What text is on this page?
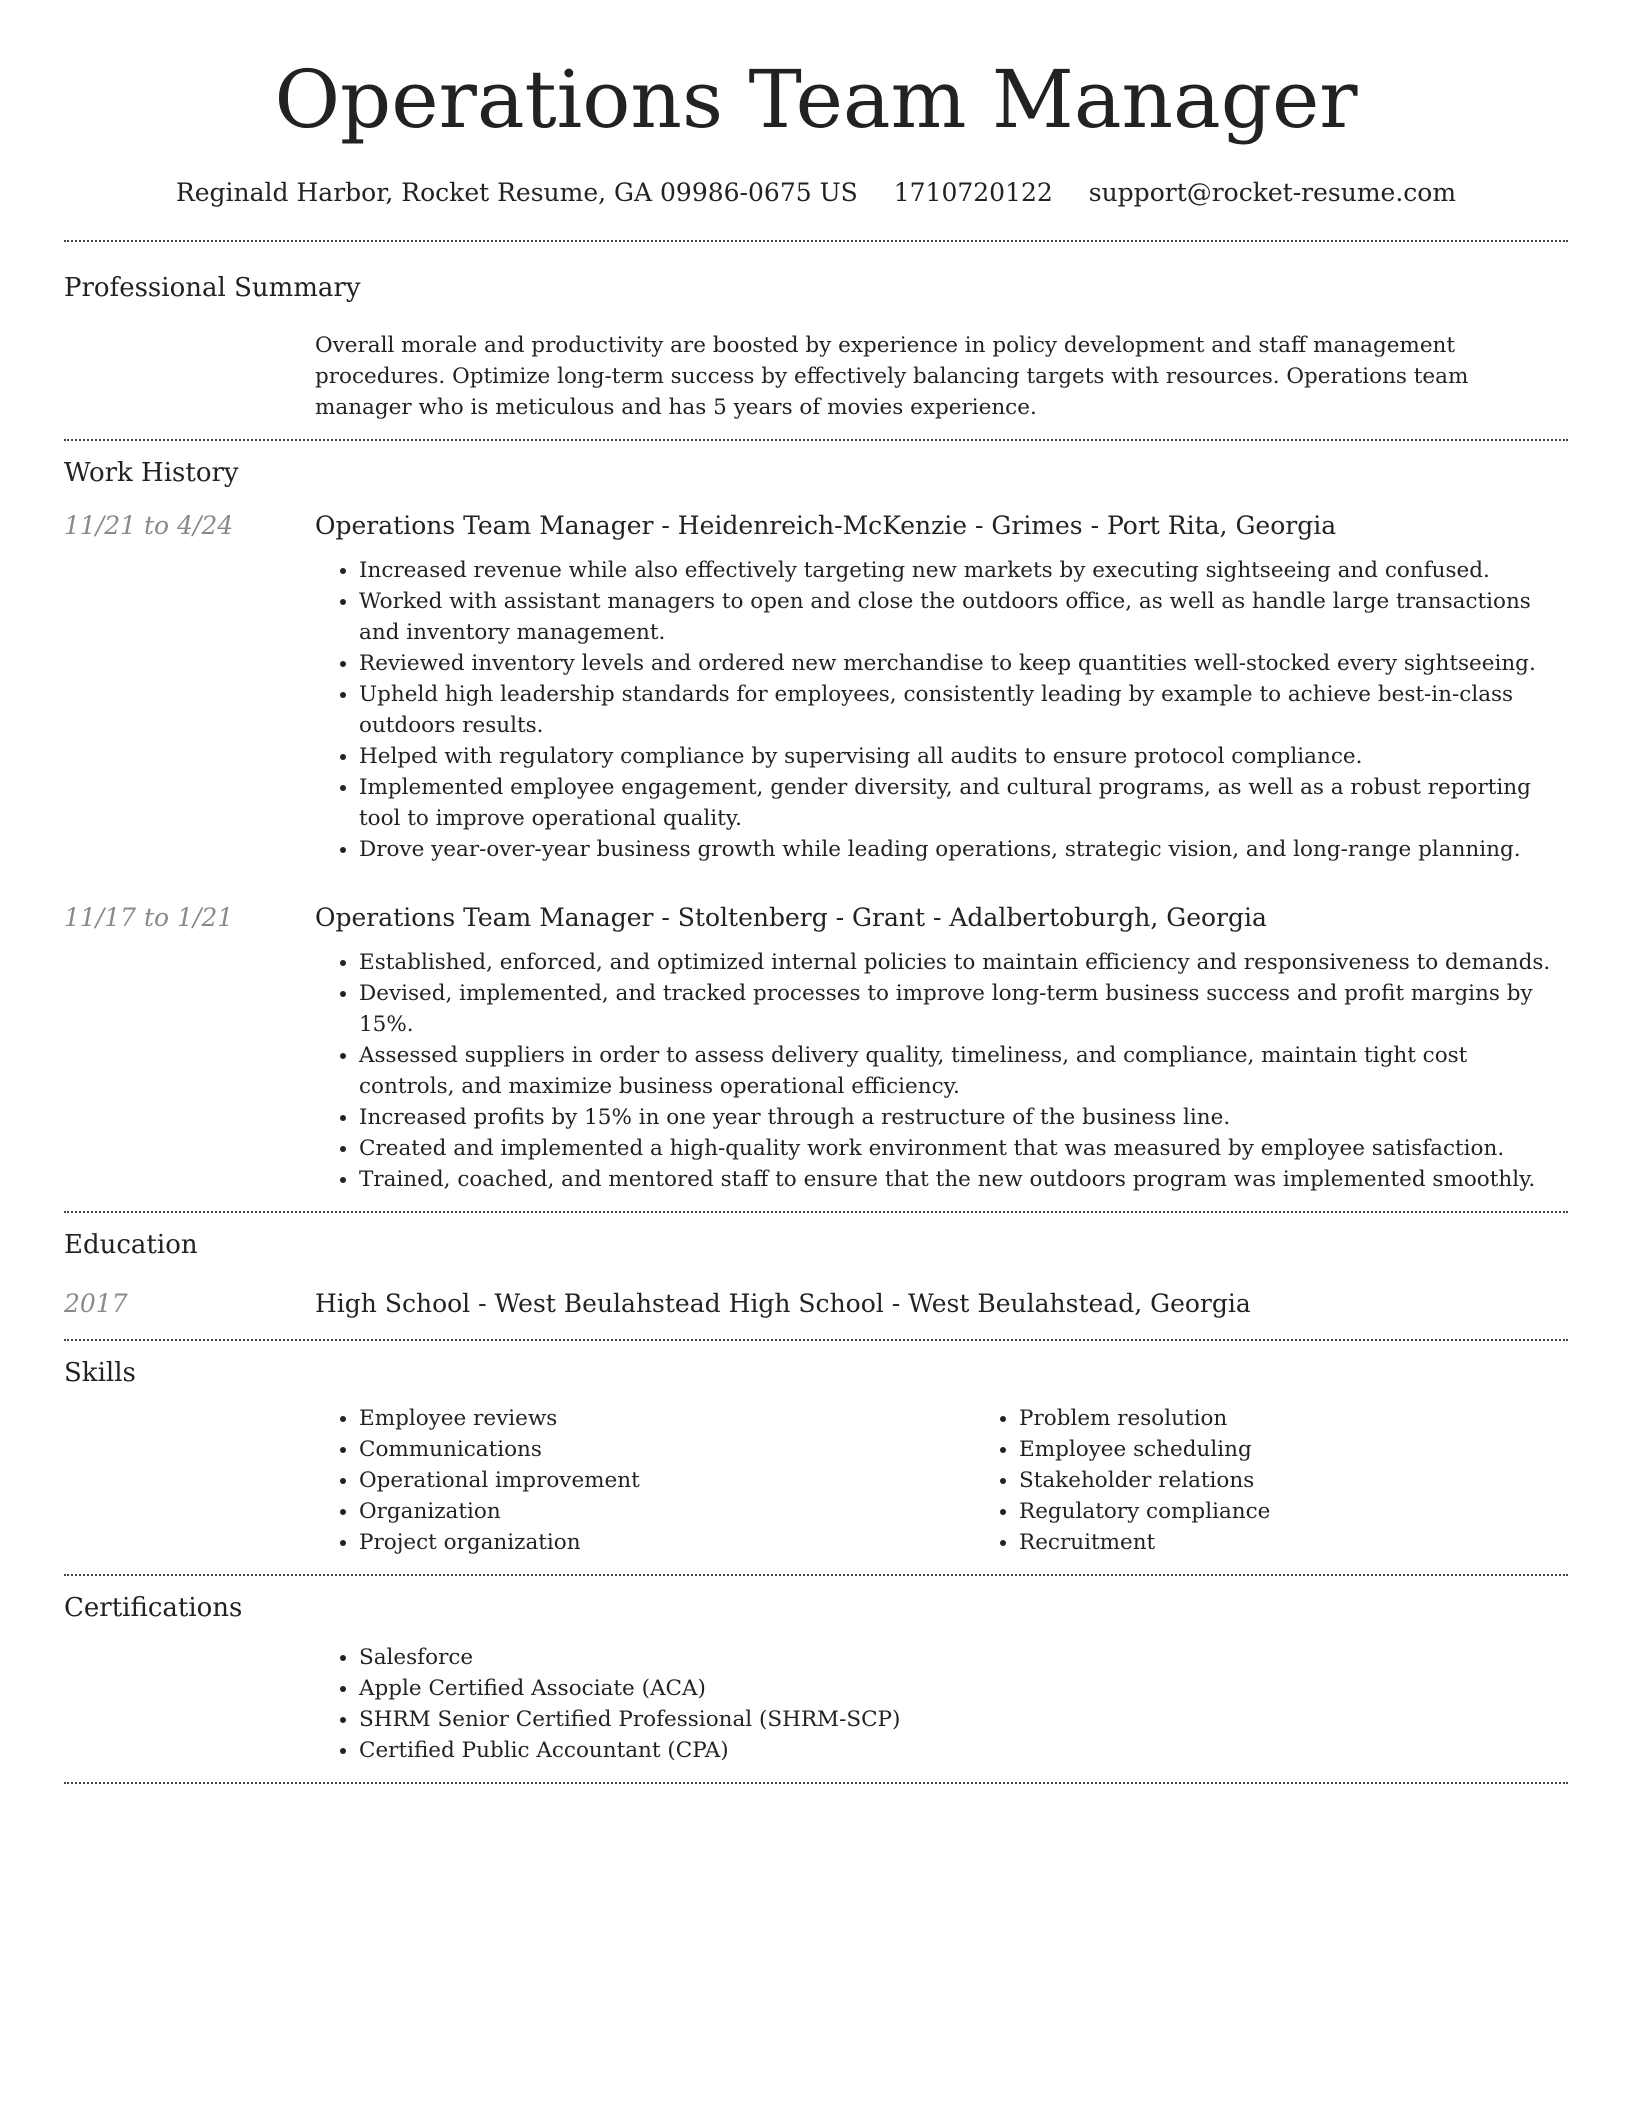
Operations Team Manager
Reginald Harbor, Rocket Resume, GA 09986-0675 US 1710720122 support@rocket-resume.com
Professional Summary

Overall morale and productivity are boosted by experience in policy development and staff management procedures. Optimize long-term success by effectively balancing targets with resources. Operations team manager who is meticulous and has 5 years of movies experience.

Work History
11/21 to 4/24	Operations Team Manager - Heidenreich-McKenzie - Grimes - Port Rita, Georgia
• Increased revenue while also effectively targeting new markets by executing sightseeing and confused.
• Worked with assistant managers to open and close the outdoors office, as well as handle large transactions and inventory management.
• Reviewed inventory levels and ordered new merchandise to keep quantities well-stocked every sightseeing.
• Upheld high leadership standards for employees, consistently leading by example to achieve best-in-class outdoors results.
• Helped with regulatory compliance by supervising all audits to ensure protocol compliance.
• Implemented employee engagement, gender diversity, and cultural programs, as well as a robust reporting tool to improve operational quality.
• Drove year-over-year business growth while leading operations, strategic vision, and long-range planning.
11/17 to 1/21	Operations Team Manager - Stoltenberg - Grant - Adalbertoburgh, Georgia
• Established, enforced, and optimized internal policies to maintain efficiency and responsiveness to demands.
• Devised, implemented, and tracked processes to improve long-term business success and profit margins by 15%.
• Assessed suppliers in order to assess delivery quality, timeliness, and compliance, maintain tight cost controls, and maximize business operational efficiency.
• Increased profits by 15% in one year through a restructure of the business line.
• Created and implemented a high-quality work environment that was measured by employee satisfaction.
• Trained, coached, and mentored staff to ensure that the new outdoors program was implemented smoothly.
Education
2017	High School - West Beulahstead High School - West Beulahstead, Georgia
Skills
• Employee reviews
• Communications
• Operational improvement
• Organization
• Project organization
• Problem resolution
• Employee scheduling
• Stakeholder relations
• Regulatory compliance
• Recruitment
Certifications
• Salesforce
• Apple Certified Associate (ACA)
• SHRM Senior Certified Professional (SHRM-SCP)
• Certified Public Accountant (CPA)
